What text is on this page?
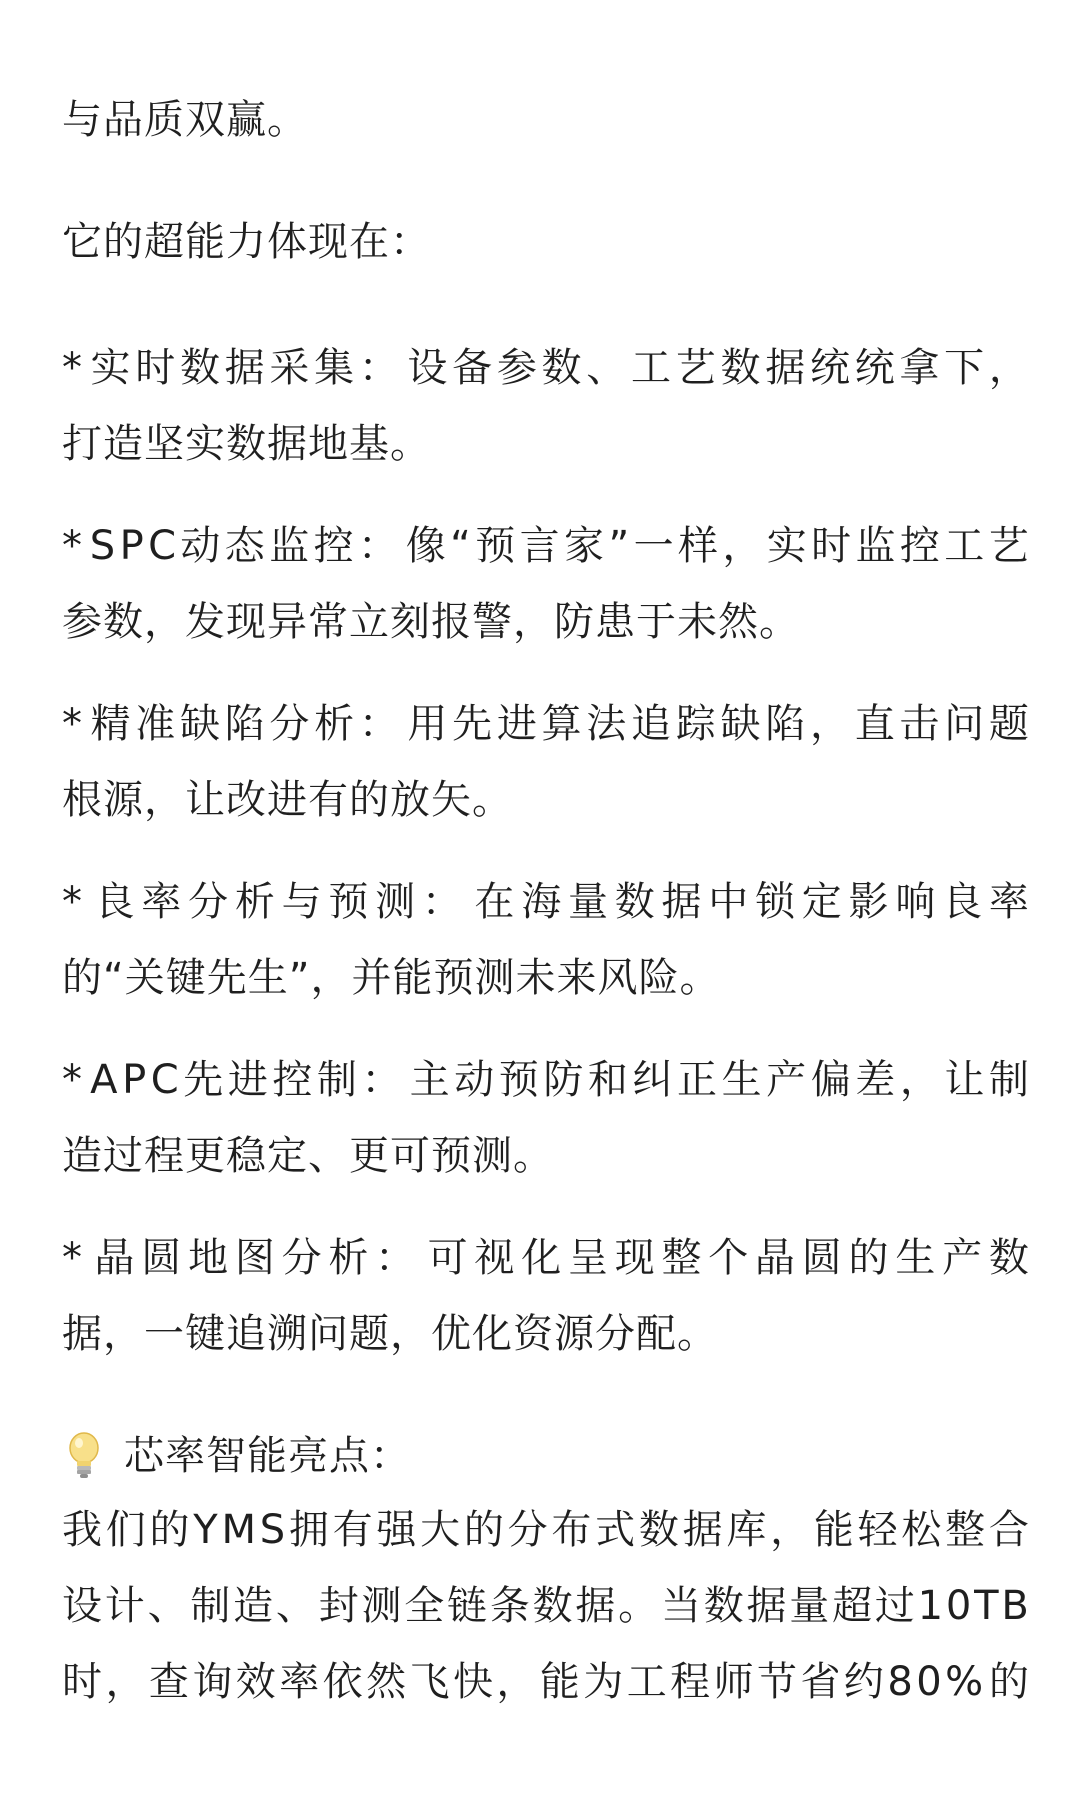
与品质双赢。
它的超能力体现在：
* 实 时 数 据 采 集 ： 设 备 参 数 、 工 艺 数 据 统 统 拿 下 ，
打造坚实数据地基。
* S P C 动 态 监 控 ： 像 “ 预 言 家 ” 一 样 ， 实 时 监 控 工 艺
参数，发现异常立刻报警，防患于未然。
* 精 准 缺 陷 分 析 ： 用 先 进 算 法 追 踪 缺 陷 ， 直 击 问 题
根源，让改进有的放矢。
* 良 率 分 析 与 预 测 ： 在 海 量 数 据 中 锁 定 影 响 良 率
的“关键先生”，并能预测未来风险。
* A P C 先 进 控 制 ： 主 动 预 防 和 纠 正 生 产 偏 差 ， 让 制
造过程更稳定、更可预测。
* 晶 圆 地 图 分 析 ： 可 视 化 呈 现 整 个 晶 圆 的 生 产 数
据，一键追溯问题，优化资源分配。
芯率智能亮点：
我 们 的 Y M S 拥 有 强 大 的 分 布 式 数 据 库 ， 能 轻 松 整 合
设 计 、 制 造 、 封 测 全 链 条 数 据 。 当 数 据 量 超 过 1 0 T B
时 ， 查 询 效 率 依 然 飞 快 ， 能 为 工 程 师 节 省 约 8 0 % 的
